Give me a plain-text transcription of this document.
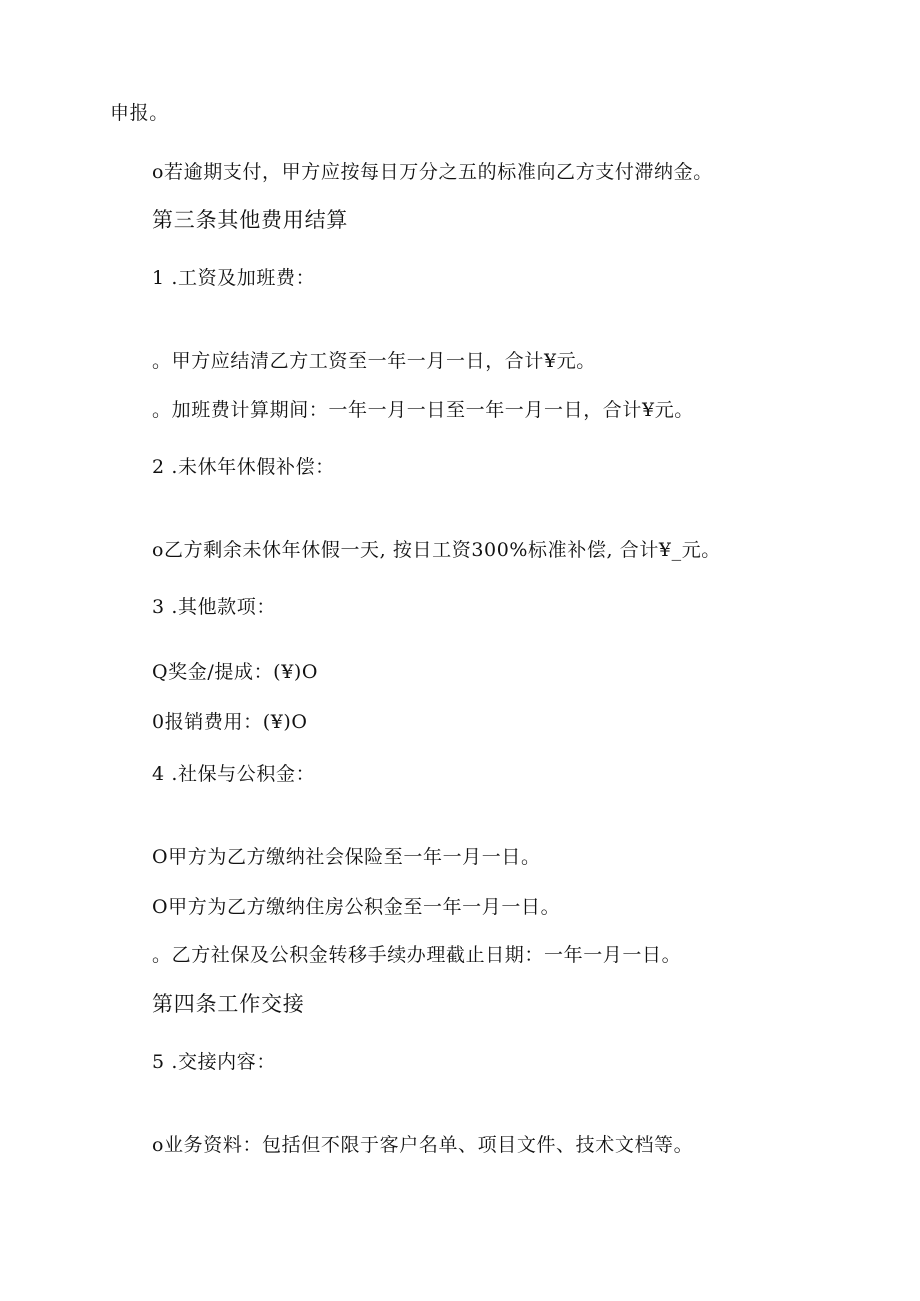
申报。
o若逾期支付，甲方应按每日万分之五的标准向乙方支付滞纳金。
第三条其他费用结算
1 .工资及加班费：
。甲方应结清乙方工资至一年一月一日，合计¥元。
。加班费计算期间：一年一月一日至一年一月一日，合计¥元。
2 .未休年休假补偿：
o乙方剩余未休年休假一天, 按日工资300%标准补偿, 合计¥_元。
3 .其他款项：
Q奖金/提成：(¥)O
0报销费用：(¥)O
4 .社保与公积金：
O甲方为乙方缴纳社会保险至一年一月一日。
O甲方为乙方缴纳住房公积金至一年一月一日。
。乙方社保及公积金转移手续办理截止日期：一年一月一日。
第四条工作交接
5 .交接内容：
o业务资料：包括但不限于客户名单、项目文件、技术文档等。
